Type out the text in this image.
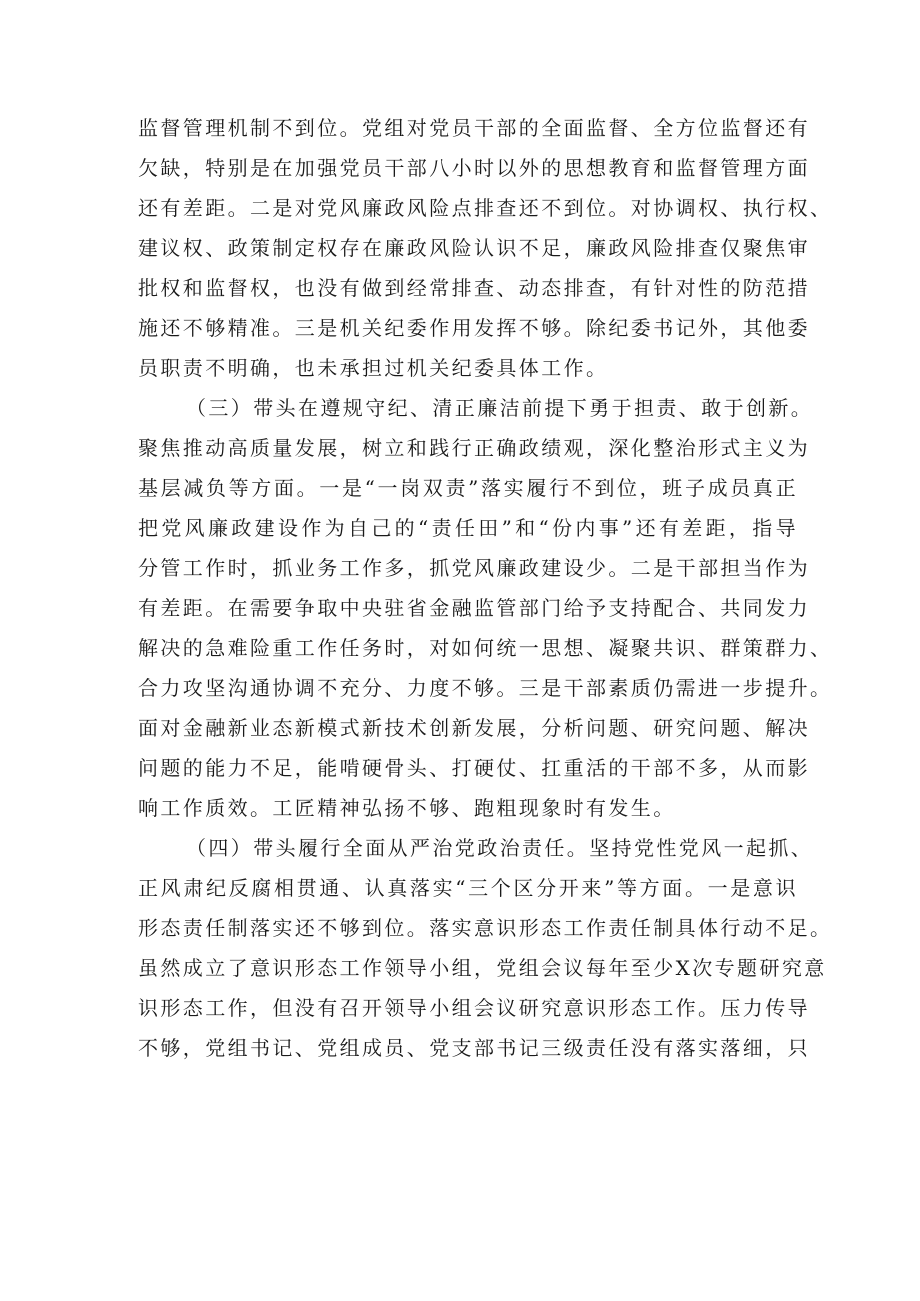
监督管理机制不到位。党组对党员干部的全面监督、全方位监督还有
欠缺，特别是在加强党员干部八小时以外的思想教育和监督管理方面
还有差距。二是对党风廉政风险点排查还不到位。对协调权、执行权、
建议权、政策制定权存在廉政风险认识不足，廉政风险排查仅聚焦审
批权和监督权，也没有做到经常排查、动态排查，有针对性的防范措
施还不够精准。三是机关纪委作用发挥不够。除纪委书记外，其他委
员职责不明确，也未承担过机关纪委具体工作。
（三）带头在遵规守纪、清正廉洁前提下勇于担责、敢于创新。
聚焦推动高质量发展，树立和践行正确政绩观，深化整治形式主义为
基层减负等方面。一是“一岗双责”落实履行不到位，班子成员真正
把党风廉政建设作为自己的“责任田”和“份内事”还有差距，指导
分管工作时，抓业务工作多，抓党风廉政建设少。二是干部担当作为
有差距。在需要争取中央驻省金融监管部门给予支持配合、共同发力
解决的急难险重工作任务时，对如何统一思想、凝聚共识、群策群力、
合力攻坚沟通协调不充分、力度不够。三是干部素质仍需进一步提升。
面对金融新业态新模式新技术创新发展，分析问题、研究问题、解决
问题的能力不足，能啃硬骨头、打硬仗、扛重活的干部不多，从而影
响工作质效。工匠精神弘扬不够、跑粗现象时有发生。
（四）带头履行全面从严治党政治责任。坚持党性党风一起抓、
正风肃纪反腐相贯通、认真落实“三个区分开来”等方面。一是意识
形态责任制落实还不够到位。落实意识形态工作责任制具体行动不足。
虽然成立了意识形态工作领导小组，党组会议每年至少X次专题研究意
识形态工作，但没有召开领导小组会议研究意识形态工作。压力传导
不够，党组书记、党组成员、党支部书记三级责任没有落实落细，只
